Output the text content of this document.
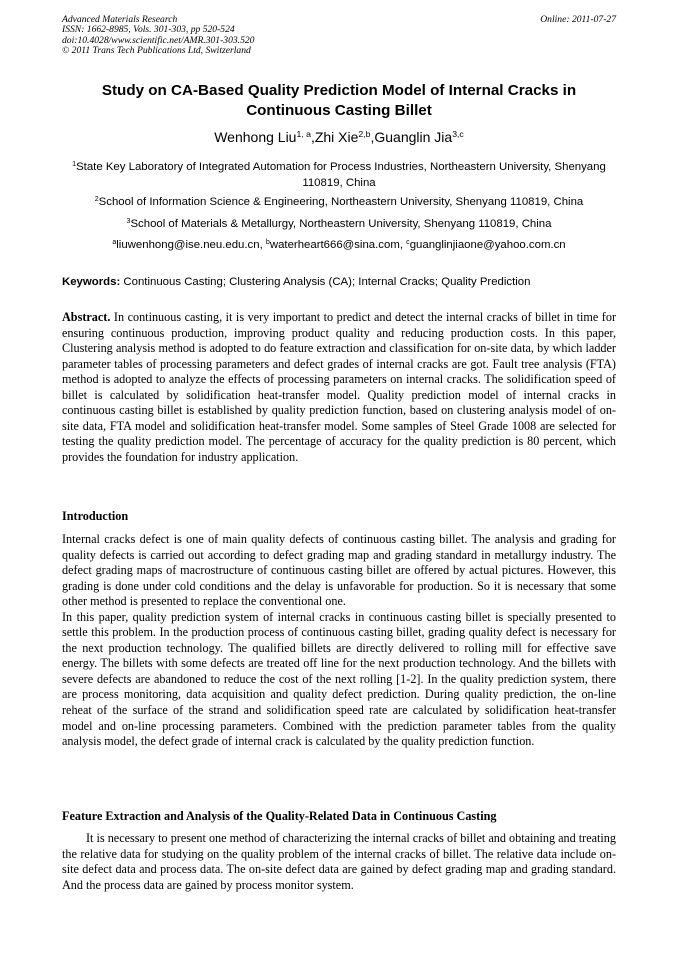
Advanced Materials Research
ISSN: 1662-8985, Vols. 301-303, pp 520-524
doi:10.4028/www.scientific.net/AMR.301-303.520
© 2011 Trans Tech Publications Ltd, Switzerland
Online: 2011-07-27
Study on CA-Based Quality Prediction Model of Internal Cracks in Continuous Casting Billet
Wenhong Liu$^{1, a}$,Zhi Xie$^{2,b}$,Guanglin Jia$^{3,c}$
$^1$State Key Laboratory of Integrated Automation for Process Industries, Northeastern University, Shenyang 110819, China
$^2$School of Information Science & Engineering, Northeastern University, Shenyang 110819, China
$^3$School of Materials & Metallurgy, Northeastern University, Shenyang 110819, China
$^a$liuwenhong@ise.neu.edu.cn, $^b$waterheart666@sina.com, $^c$guanglinjiaone@yahoo.com.cn
Keywords: Continuous Casting; Clustering Analysis (CA); Internal Cracks; Quality Prediction
Abstract. In continuous casting, it is very important to predict and detect the internal cracks of billet in time for ensuring continuous production, improving product quality and reducing production costs. In this paper, Clustering analysis method is adopted to do feature extraction and classification for on-site data, by which ladder parameter tables of processing parameters and defect grades of internal cracks are got. Fault tree analysis (FTA) method is adopted to analyze the effects of processing parameters on internal cracks. The solidification speed of billet is calculated by solidification heat-transfer model. Quality prediction model of internal cracks in continuous casting billet is established by quality prediction function, based on clustering analysis model of on-site data, FTA model and solidification heat-transfer model. Some samples of Steel Grade 1008 are selected for testing the quality prediction model. The percentage of accuracy for the quality prediction is 80 percent, which provides the foundation for industry application.
Introduction

Internal cracks defect is one of main quality defects of continuous casting billet. The analysis and grading for quality defects is carried out according to defect grading map and grading standard in metallurgy industry. The defect grading maps of macrostructure of continuous casting billet are offered by actual pictures. However, this grading is done under cold conditions and the delay is unfavorable for production. So it is necessary that some other method is presented to replace the conventional one.

In this paper, quality prediction system of internal cracks in continuous casting billet is specially presented to settle this problem. In the production process of continuous casting billet, grading quality defect is necessary for the next production technology. The qualified billets are directly delivered to rolling mill for effective save energy. The billets with some defects are treated off line for the next production technology. And the billets with severe defects are abandoned to reduce the cost of the next rolling [1-2]. In the quality prediction system, there are process monitoring, data acquisition and quality defect prediction. During quality prediction, the on-line reheat of the surface of the strand and solidification speed rate are calculated by solidification heat-transfer model and on-line processing parameters. Combined with the prediction parameter tables from the quality analysis model, the defect grade of internal crack is calculated by the quality prediction function.

Feature Extraction and Analysis of the Quality-Related Data in Continuous Casting
It is necessary to present one method of characterizing the internal cracks of billet and obtaining and treating the relative data for studying on the quality problem of the internal cracks of billet. The relative data include on-site defect data and process data. The on-site defect data are gained by defect grading map and grading standard. And the process data are gained by process monitor system.
